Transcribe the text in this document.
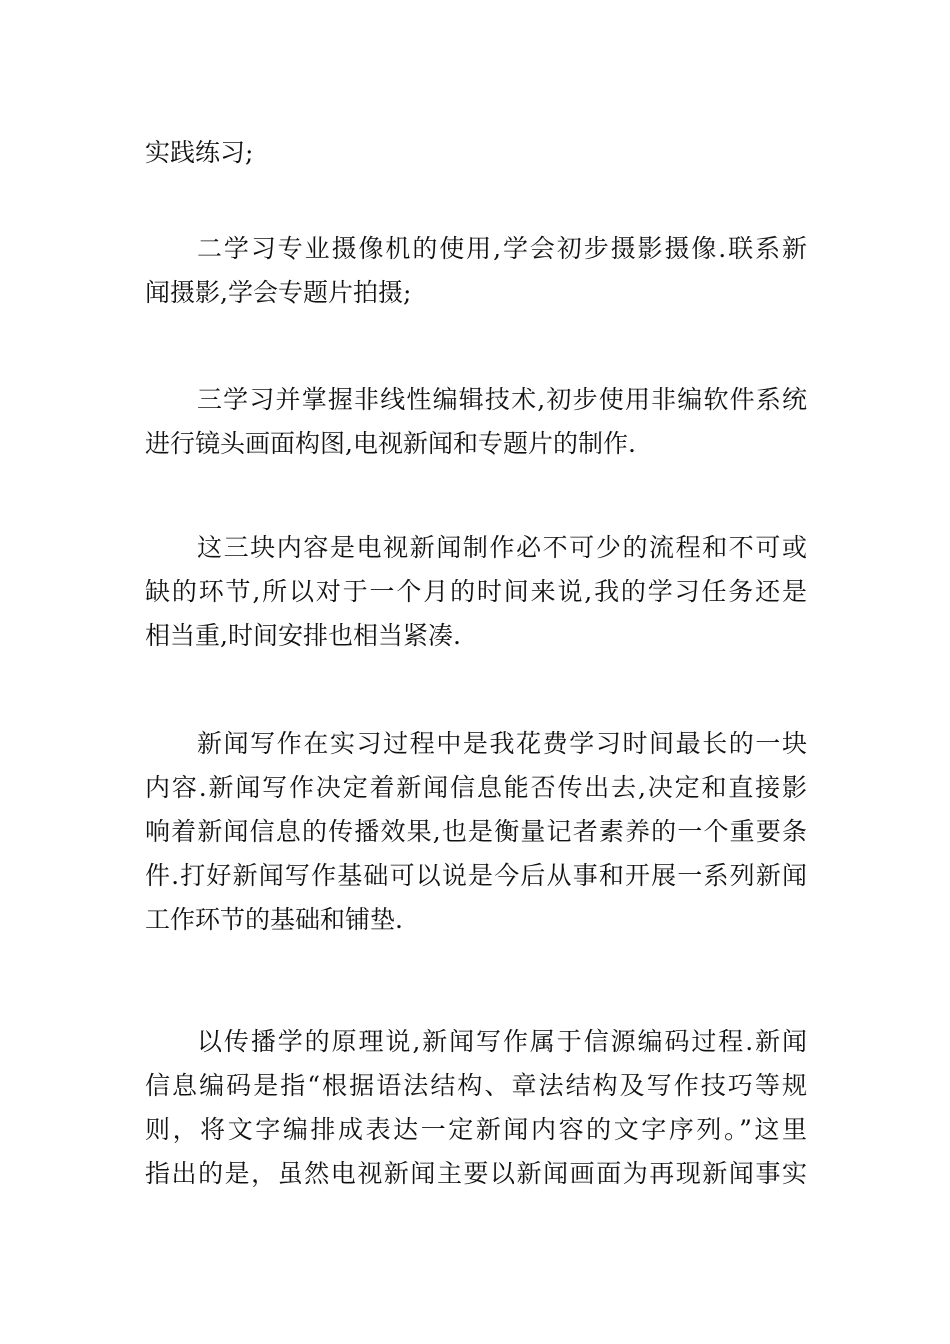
实践练习;
二学习专业摄像机的使用,学会初步摄影摄像.联系新
闻摄影,学会专题片拍摄;
三学习并掌握非线性编辑技术,初步使用非编软件系统
进行镜头画面构图,电视新闻和专题片的制作.
这三块内容是电视新闻制作必不可少的流程和不可或
缺的环节,所以对于一个月的时间来说,我的学习任务还是
相当重,时间安排也相当紧凑.
新闻写作在实习过程中是我花费学习时间最长的一块
内容.新闻写作决定着新闻信息能否传出去,决定和直接影
响着新闻信息的传播效果,也是衡量记者素养的一个重要条
件.打好新闻写作基础可以说是今后从事和开展一系列新闻
工作环节的基础和铺垫.
以传播学的原理说,新闻写作属于信源编码过程.新闻
信息编码是指“根据语法结构、章法结构及写作技巧等规
则，将文字编排成表达一定新闻内容的文字序列。”这里
指出的是，虽然电视新闻主要以新闻画面为再现新闻事实
